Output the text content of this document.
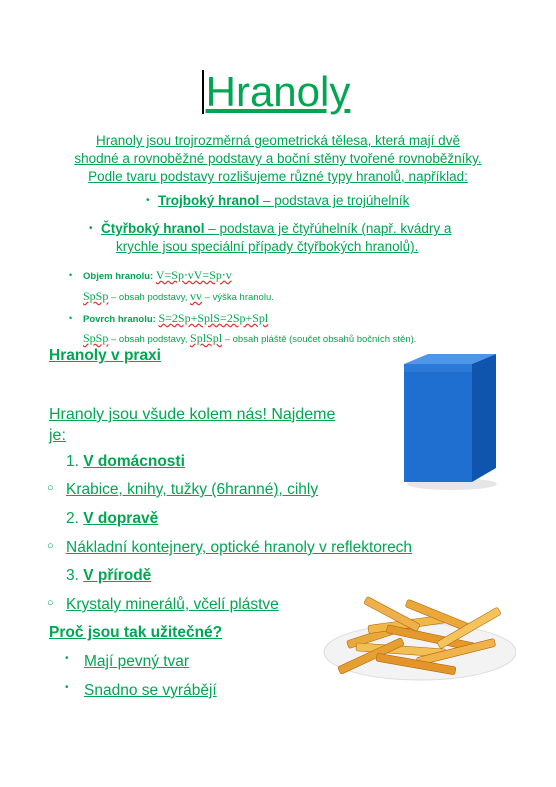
Hranoly
Hranoly jsou trojrozměrná geometrická tělesa, která mají dvě
shodné a rovnoběžné podstavy a boční stěny tvořené rovnoběžníky.
Podle tvaru podstavy rozlišujeme různé typy hranolů, například:
• Trojboký hranol – podstava je trojúhelník
• Čtyřboký hranol – podstava je čtyřúhelník (např. kvádry a
krychle jsou speciální případy čtyřbokých hranolů).
• Objem hranolu: V=Sp⋅vV=Sp⋅v
SpSp – obsah podstavy, vv – výška hranolu.
• Povrch hranolu: S=2Sp+SplS=2Sp+Spl
SpSp – obsah podstavy, SplSpl – obsah pláště (součet obsahů bočních stěn).
Hranoly v praxi
Hranoly jsou všude kolem nás! Najdeme
je:
1. V domácnosti
○ Krabice, knihy, tužky (6hranné), cihly
2. V dopravě
○ Nákladní kontejnery, optické hranoly v reflektorech
3. V přírodě
○ Krystaly minerálů, včelí plástve
Proč jsou tak užitečné?
• Mají pevný tvar
• Snadno se vyrábějí
